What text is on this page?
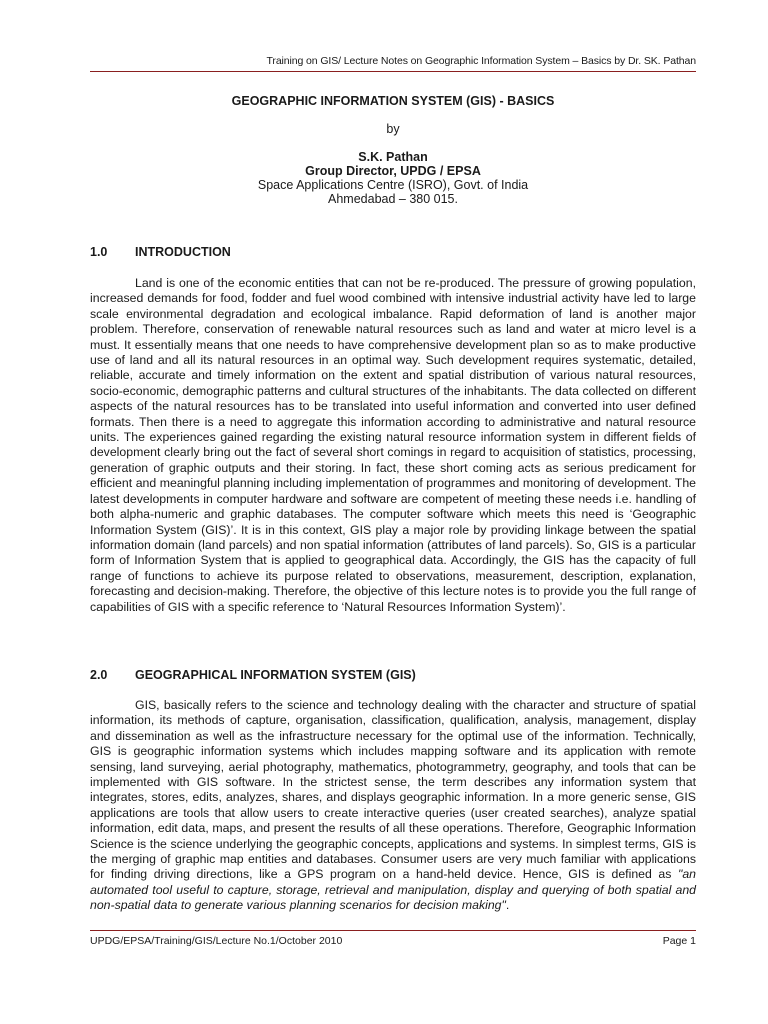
Training on GIS/ Lecture Notes on Geographic Information System – Basics by Dr. SK. Pathan
GEOGRAPHIC INFORMATION SYSTEM (GIS) - BASICS
by
S.K. Pathan
Group Director, UPDG / EPSA
Space Applications Centre (ISRO), Govt. of India
Ahmedabad – 380 015.
1.0 INTRODUCTION

Land is one of the economic entities that can not be re-produced. The pressure of growing population, increased demands for food, fodder and fuel wood combined with intensive industrial activity have led to large scale environmental degradation and ecological imbalance. Rapid deformation of land is another major problem. Therefore, conservation of renewable natural resources such as land and water at micro level is a must. It essentially means that one needs to have comprehensive development plan so as to make productive use of land and all its natural resources in an optimal way. Such development requires systematic, detailed, reliable, accurate and timely information on the extent and spatial distribution of various natural resources, socio-economic, demographic patterns and cultural structures of the inhabitants. The data collected on different aspects of the natural resources has to be translated into useful information and converted into user defined formats. Then there is a need to aggregate this information according to administrative and natural resource units. The experiences gained regarding the existing natural resource information system in different fields of development clearly bring out the fact of several short comings in regard to acquisition of statistics, processing, generation of graphic outputs and their storing. In fact, these short coming acts as serious predicament for efficient and meaningful planning including implementation of programmes and monitoring of development. The latest developments in computer hardware and software are competent of meeting these needs i.e. handling of both alpha-numeric and graphic databases. The computer software which meets this need is ‘Geographic Information System (GIS)’. It is in this context, GIS play a major role by providing linkage between the spatial information domain (land parcels) and non spatial information (attributes of land parcels). So, GIS is a particular form of Information System that is applied to geographical data. Accordingly, the GIS has the capacity of full range of functions to achieve its purpose related to observations, measurement, description, explanation, forecasting and decision-making. Therefore, the objective of this lecture notes is to provide you the full range of capabilities of GIS with a specific reference to ‘Natural Resources Information System)’.

2.0 GEOGRAPHICAL INFORMATION SYSTEM (GIS)

GIS, basically refers to the science and technology dealing with the character and structure of spatial information, its methods of capture, organisation, classification, qualification, analysis, management, display and dissemination as well as the infrastructure necessary for the optimal use of the information. Technically, GIS is geographic information systems which includes mapping software and its application with remote sensing, land surveying, aerial photography, mathematics, photogrammetry, geography, and tools that can be implemented with GIS software. In the strictest sense, the term describes any information system that integrates, stores, edits, analyzes, shares, and displays geographic information. In a more generic sense, GIS applications are tools that allow users to create interactive queries (user created searches), analyze spatial information, edit data, maps, and present the results of all these operations. Therefore, Geographic Information Science is the science underlying the geographic concepts, applications and systems. In simplest terms, GIS is the merging of graphic map entities and databases. Consumer users are very much familiar with applications for finding driving directions, like a GPS program on a hand-held device. Hence, GIS is defined as "an automated tool useful to capture, storage, retrieval and manipulation, display and querying of both spatial and non-spatial data to generate various planning scenarios for decision making".

UPDG/EPSA/Training/GIS/Lecture No.1/October 2010	Page 1
